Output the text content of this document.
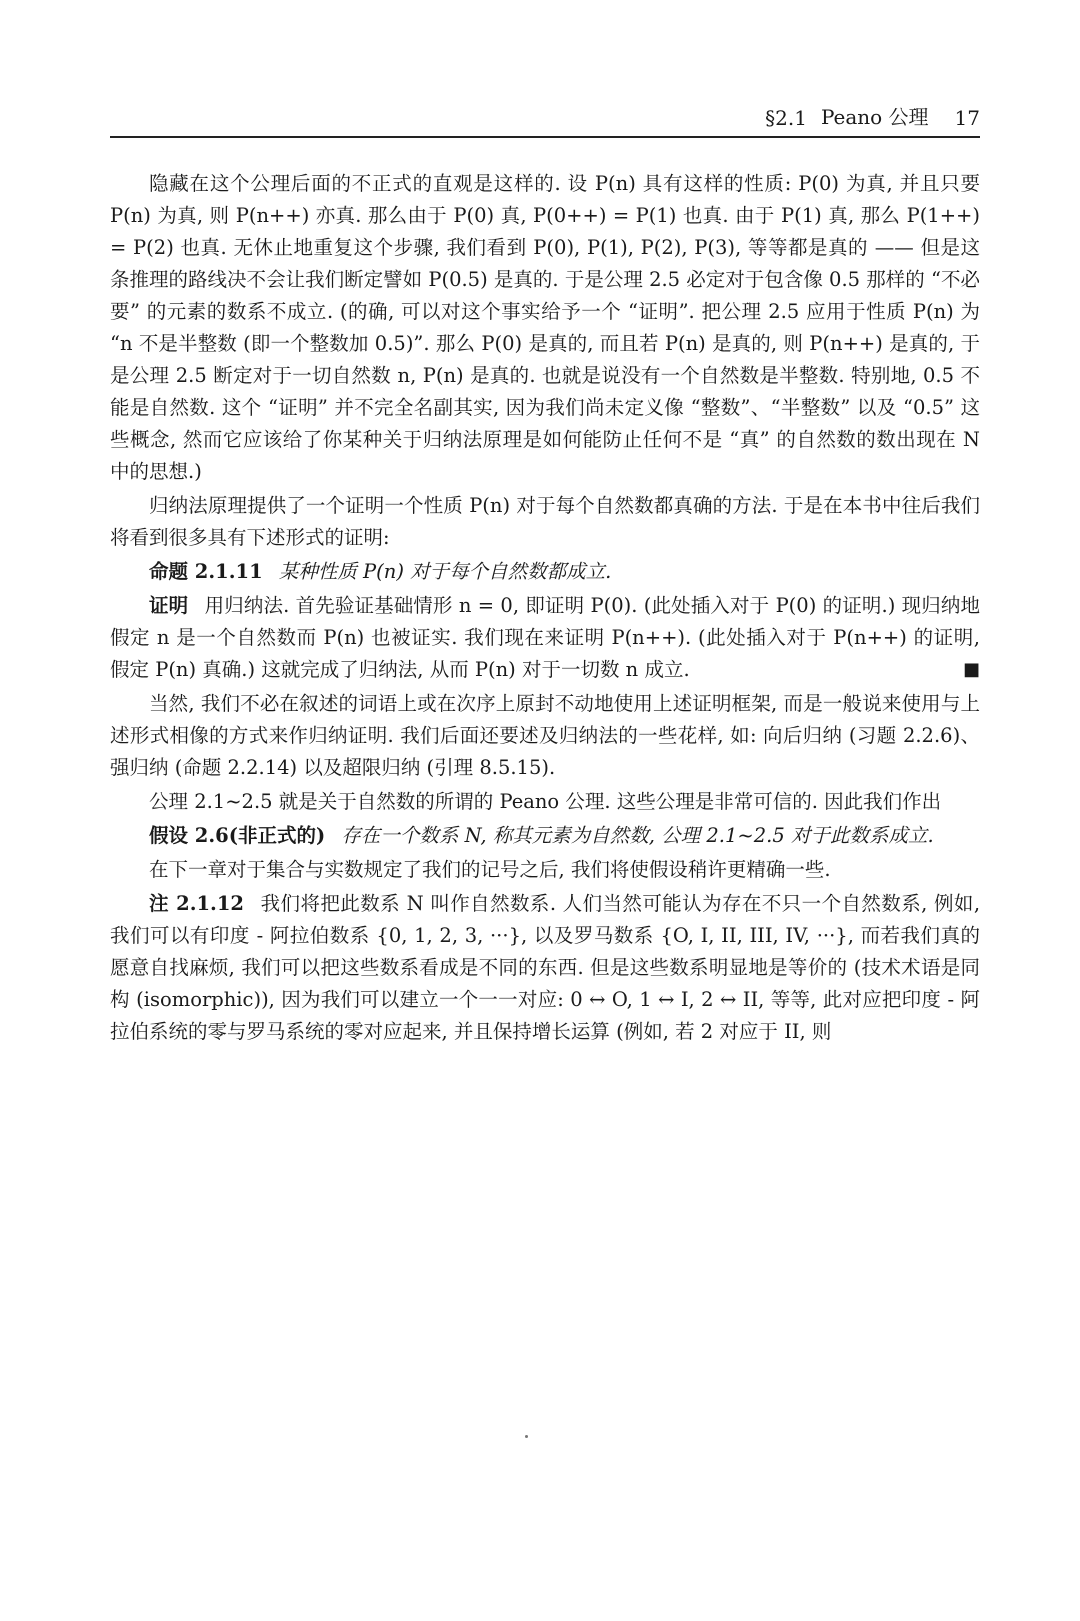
§2.1 Peano 公理 17

隐藏在这个公理后面的不正式的直观是这样的. 设 P(n) 具有这样的性质: P(0) 为真, 并且只要 P(n) 为真, 则 P(n++) 亦真. 那么由于 P(0) 真, P(0++) = P(1) 也真. 由于 P(1) 真, 那么 P(1++) = P(2) 也真. 无休止地重复这个步骤, 我们看到 P(0), P(1), P(2), P(3), 等等都是真的 —— 但是这条推理的路线决不会让我们断定譬如 P(0.5) 是真的. 于是公理 2.5 必定对于包含像 0.5 那样的 “不必要” 的元素的数系不成立. (的确, 可以对这个事实给予一个 “证明”. 把公理 2.5 应用于性质 P(n) 为 “n 不是半整数 (即一个整数加 0.5)”. 那么 P(0) 是真的, 而且若 P(n) 是真的, 则 P(n++) 是真的, 于是公理 2.5 断定对于一切自然数 n, P(n) 是真的. 也就是说没有一个自然数是半整数. 特别地, 0.5 不能是自然数. 这个 “证明” 并不完全名副其实, 因为我们尚未定义像 “整数”、“半整数” 以及 “0.5” 这些概念, 然而它应该给了你某种关于归纳法原理是如何能防止任何不是 “真” 的自然数的数出现在 N 中的思想.)

归纳法原理提供了一个证明一个性质 P(n) 对于每个自然数都真确的方法. 于是在本书中往后我们将看到很多具有下述形式的证明:

命题 2.1.11 某种性质 P(n) 对于每个自然数都成立.

证明 用归纳法. 首先验证基础情形 n = 0, 即证明 P(0). (此处插入对于 P(0) 的证明.) 现归纳地假定 n 是一个自然数而 P(n) 也被证实. 我们现在来证明 P(n++). (此处插入对于 P(n++) 的证明, 假定 P(n) 真确.) 这就完成了归纳法, 从而 P(n) 对于一切数 n 成立.	■

当然, 我们不必在叙述的词语上或在次序上原封不动地使用上述证明框架, 而是一般说来使用与上述形式相像的方式来作归纳证明. 我们后面还要述及归纳法的一些花样, 如: 向后归纳 (习题 2.2.6)、强归纳 (命题 2.2.14) 以及超限归纳 (引理 8.5.15).

公理 2.1~2.5 就是关于自然数的所谓的 Peano 公理. 这些公理是非常可信的. 因此我们作出

假设 2.6(非正式的) 存在一个数系 N, 称其元素为自然数, 公理 2.1~2.5 对于此数系成立.

在下一章对于集合与实数规定了我们的记号之后, 我们将使假设稍许更精确一些.

注 2.1.12 我们将把此数系 N 叫作自然数系. 人们当然可能认为存在不只一个自然数系, 例如, 我们可以有印度 - 阿拉伯数系 {0, 1, 2, 3, ···}, 以及罗马数系 {O, I, II, III, IV, ···}, 而若我们真的愿意自找麻烦, 我们可以把这些数系看成是不同的东西. 但是这些数系明显地是等价的 (技术术语是同构 (isomorphic)), 因为我们可以建立一个一一对应: 0 ↔ O, 1 ↔ I, 2 ↔ II, 等等, 此对应把印度 - 阿拉伯系统的零与罗马系统的零对应起来, 并且保持增长运算 (例如, 若 2 对应于 II, 则
